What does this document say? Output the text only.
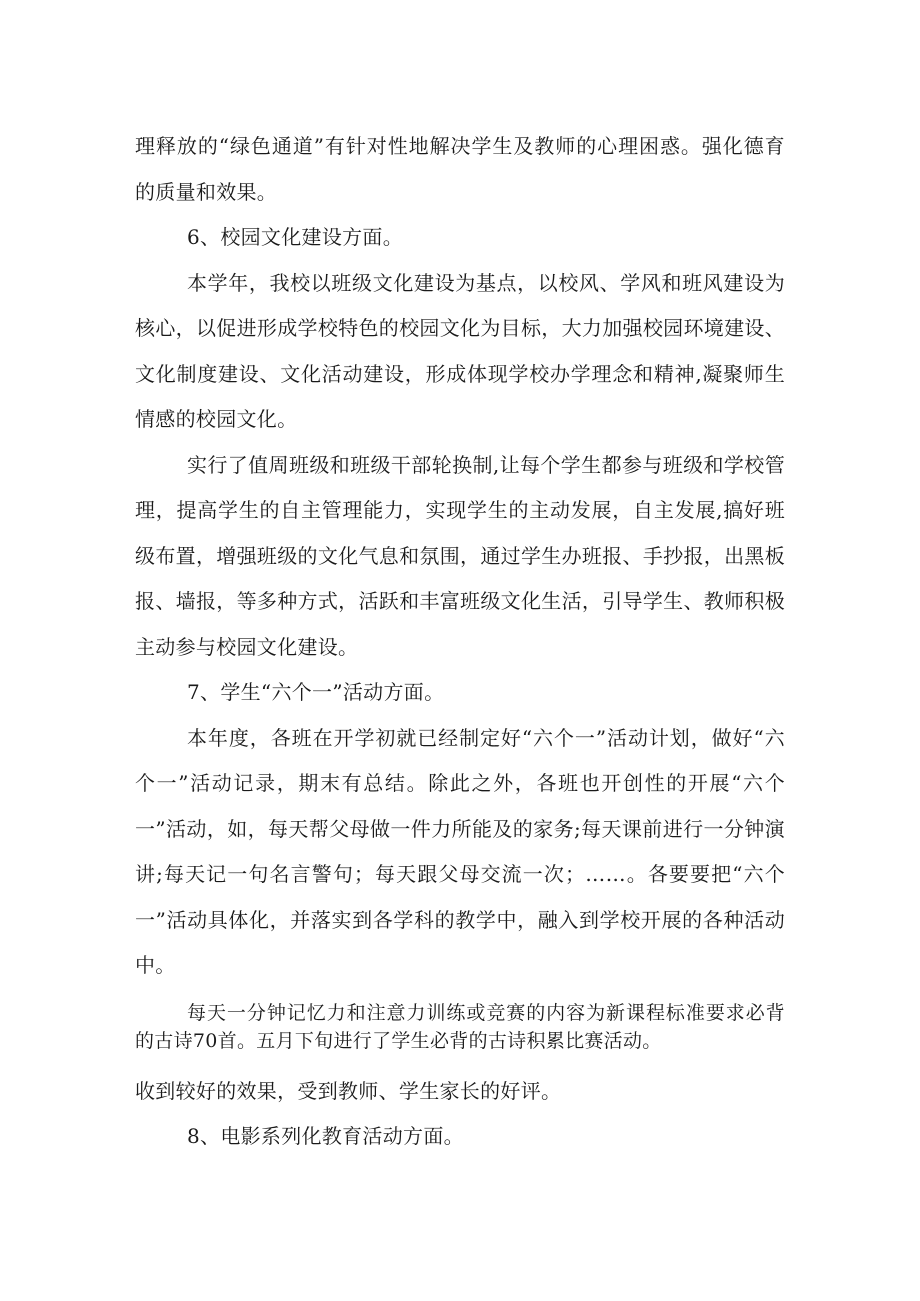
理释放的“绿色通道”有针对性地解决学生及教师的心理困惑。强化德育的质量和效果。

6、校园文化建设方面。

本学年，我校以班级文化建设为基点，以校风、学风和班风建设为核心，以促进形成学校特色的校园文化为目标，大力加强校园环境建设、文化制度建设、文化活动建设，形成体现学校办学理念和精神,凝聚师生情感的校园文化。

实行了值周班级和班级干部轮换制,让每个学生都参与班级和学校管理，提高学生的自主管理能力，实现学生的主动发展，自主发展,搞好班级布置，增强班级的文化气息和氛围，通过学生办班报、手抄报，出黑板报、墙报，等多种方式，活跃和丰富班级文化生活，引导学生、教师积极主动参与校园文化建设。

7、学生“六个一”活动方面。

本年度，各班在开学初就已经制定好“六个一”活动计划，做好“六个一”活动记录，期末有总结。除此之外，各班也开创性的开展“六个一”活动，如，每天帮父母做一件力所能及的家务;每天课前进行一分钟演讲;每天记一句名言警句；每天跟父母交流一次；……。各要要把“六个一”活动具体化，并落实到各学科的教学中，融入到学校开展的各种活动中。

每天一分钟记忆力和注意力训练或竞赛的内容为新课程标准要求必背的古诗70首。五月下旬进行了学生必背的古诗积累比赛活动。

收到较好的效果，受到教师、学生家长的好评。

8、电影系列化教育活动方面。
